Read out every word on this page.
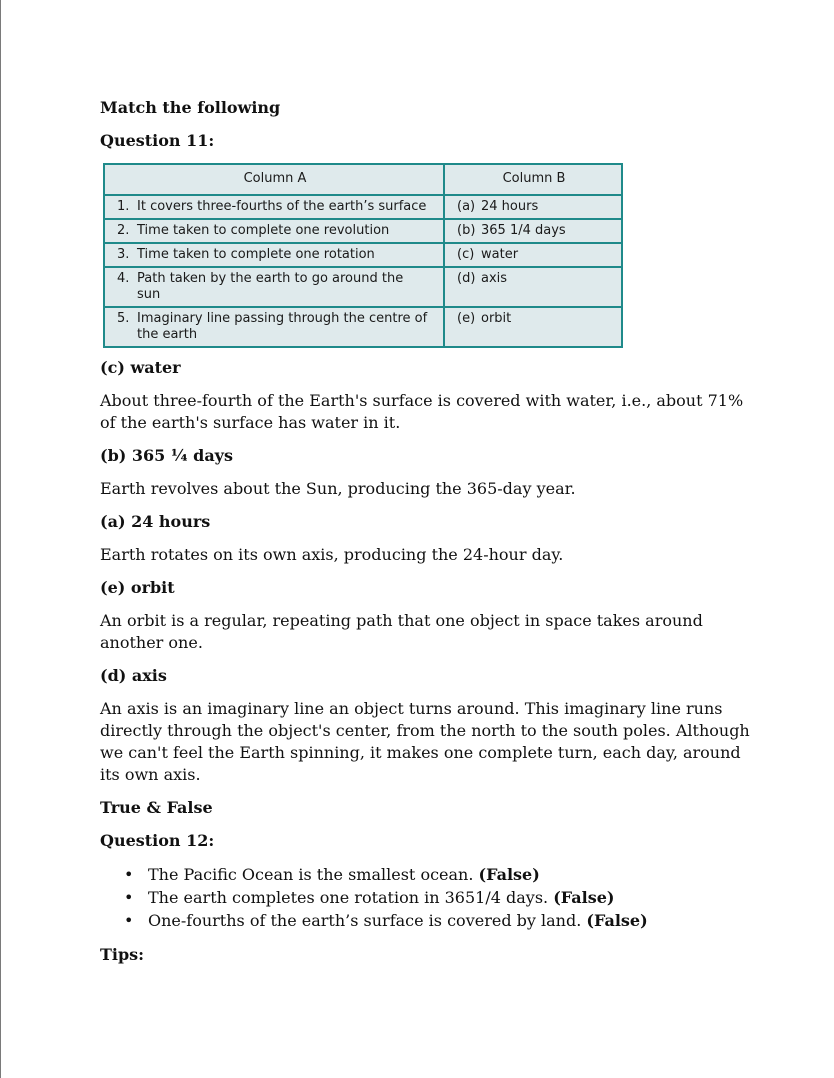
Match the following
Question 11:
Column A	Column B
1. It covers three-fourths of the earth’s surface	(a) 24 hours
2. Time taken to complete one revolution	(b) 365 1/4 days
3. Time taken to complete one rotation	(c) water
4. Path taken by the earth to go around the sun	(d) axis
5. Imaginary line passing through the centre of the earth	(e) orbit
(c) water
About three-fourth of the Earth's surface is covered with water, i.e., about 71% of the earth's surface has water in it.
(b) 365 ¼ days
Earth revolves about the Sun, producing the 365-day year.
(a) 24 hours
Earth rotates on its own axis, producing the 24-hour day.
(e) orbit
An orbit is a regular, repeating path that one object in space takes around another one.
(d) axis
An axis is an imaginary line an object turns around. This imaginary line runs directly through the object's center, from the north to the south poles. Although we can't feel the Earth spinning, it makes one complete turn, each day, around its own axis.
True & False
Question 12:
• The Pacific Ocean is the smallest ocean. (False)
• The earth completes one rotation in 3651/4 days. (False)
• One-fourths of the earth’s surface is covered by land. (False)
Tips:
